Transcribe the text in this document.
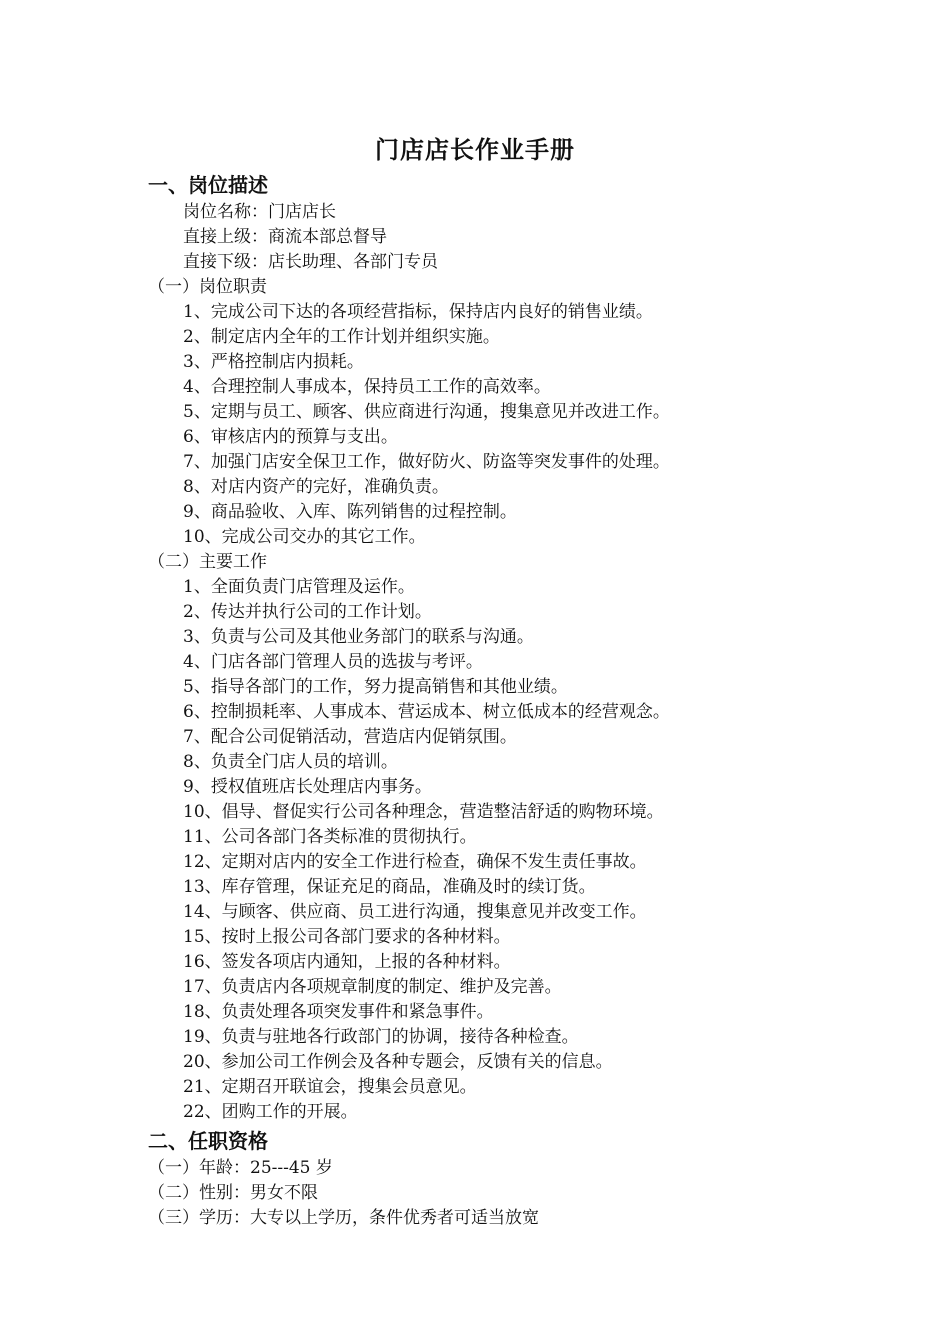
门店店长作业手册
一、岗位描述
岗位名称：门店店长
直接上级：商流本部总督导
直接下级：店长助理、各部门专员
（一）岗位职责
1、完成公司下达的各项经营指标，保持店内良好的销售业绩。
2、制定店内全年的工作计划并组织实施。
3、严格控制店内损耗。
4、合理控制人事成本，保持员工工作的高效率。
5、定期与员工、顾客、供应商进行沟通，搜集意见并改进工作。
6、审核店内的预算与支出。
7、加强门店安全保卫工作，做好防火、防盗等突发事件的处理。
8、对店内资产的完好，准确负责。
9、商品验收、入库、陈列销售的过程控制。
10、完成公司交办的其它工作。
（二）主要工作
1、全面负责门店管理及运作。
2、传达并执行公司的工作计划。
3、负责与公司及其他业务部门的联系与沟通。
4、门店各部门管理人员的选拔与考评。
5、指导各部门的工作，努力提高销售和其他业绩。
6、控制损耗率、人事成本、营运成本、树立低成本的经营观念。
7、配合公司促销活动，营造店内促销氛围。
8、负责全门店人员的培训。
9、授权值班店长处理店内事务。
10、倡导、督促实行公司各种理念，营造整洁舒适的购物环境。
11、公司各部门各类标准的贯彻执行。
12、定期对店内的安全工作进行检查，确保不发生责任事故。
13、库存管理，保证充足的商品，准确及时的续订货。
14、与顾客、供应商、员工进行沟通，搜集意见并改变工作。
15、按时上报公司各部门要求的各种材料。
16、签发各项店内通知，上报的各种材料。
17、负责店内各项规章制度的制定、维护及完善。
18、负责处理各项突发事件和紧急事件。
19、负责与驻地各行政部门的协调，接待各种检查。
20、参加公司工作例会及各种专题会，反馈有关的信息。
21、定期召开联谊会，搜集会员意见。
22、团购工作的开展。
二、任职资格
（一）年龄：25---45 岁
（二）性别：男女不限
（三）学历：大专以上学历，条件优秀者可适当放宽
